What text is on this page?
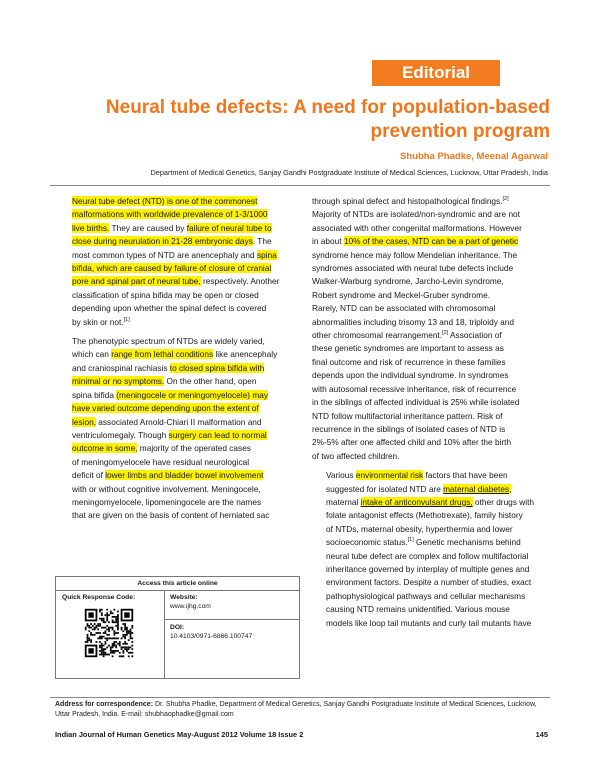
Editorial
Neural tube defects: A need for population-based
prevention program
Shubha Phadke, Meenal Agarwal
Department of Medical Genetics, Sanjay Gandhi Postgraduate Institute of Medical Sciences, Lucknow, Uttar Pradesh, India

Neural tube defect (NTD) is one of the commonest
malformations with worldwide prevalence of 1-3/1000
live births. They are caused by failure of neural tube to
close during neurulation in 21-28 embryonic days. The
most common types of NTD are anencephaly and spina
bifida, which are caused by failure of closure of cranial
pore and spinal part of neural tube, respectively. Another
classification of spina bifida may be open or closed
depending upon whether the spinal defect is covered
by skin or not.[1]

The phenotypic spectrum of NTDs are widely varied,
which can range from lethal conditions like anencephaly
and craniospinal rachiasis to closed spina bifida with
minimal or no symptoms. On the other hand, open
spina bifida (meningocele or meningomyelocele) may
have varied outcome depending upon the extent of
lesion, associated Arnold-Chiari II malformation and
ventriculomegaly. Though surgery can lead to normal
outcome in some, majority of the operated cases
of meningomyelocele have residual neurological
deficit of lower limbs and bladder bowel involvement
with or without cognitive involvement. Meningocele,
meningomyelocele, lipomeningocele are the names
that are given on the basis of content of herniated sac

through spinal defect and histopathological findings.[2]
Majority of NTDs are isolated/non-syndromic and are not
associated with other congenital malformations. However
in about 10% of the cases, NTD can be a part of genetic
syndrome hence may follow Mendelian inheritance. The
syndromes associated with neural tube defects include
Walker-Warburg syndrome, Jarcho-Levin syndrome,
Robert syndrome and Meckel-Gruber syndrome.
Rarely, NTD can be associated with chromosomal
abnormalities including trisomy 13 and 18, triploidy and
other chromosomal rearrangement.[2] Association of
these genetic syndromes are important to assess as
final outcome and risk of recurrence in these families
depends upon the individual syndrome. In syndromes
with autosomal recessive inheritance, risk of recurrence
in the siblings of affected individual is 25% while isolated
NTD follow multifactorial inheritance pattern. Risk of
recurrence in the siblings of isolated cases of NTD is
2%-5% after one affected child and 10% after the birth
of two affected children.

Various environmental risk factors that have been
suggested for isolated NTD are maternal diabetes,
maternal intake of anticonvulsant drugs, other drugs with
folate antagonist effects (Methotrexate), family history
of NTDs, maternal obesity, hyperthermia and lower
socioeconomic status.[1] Genetic mechanisms behind
neural tube defect are complex and follow multifactorial
inheritance governed by interplay of multiple genes and
environment factors. Despite a number of studies, exact
pathophysiological pathways and cellular mechanisms
causing NTD remains unidentified. Various mouse
models like loop tail mutants and curly tail mutants have

Access this article online
Quick Response Code:	Website:
www.ijhg.com
DOI:
10.4103/0971-6866.100747
Address for correspondence: Dr. Shubha Phadke, Department of Medical Genetics, Sanjay Gandhi Postgraduate Institute of Medical Sciences, Lucknow, Uttar Pradesh, India. E-mail: shubhaophadke@gmail.com
Indian Journal of Human Genetics May-August 2012 Volume 18 Issue 2	145
